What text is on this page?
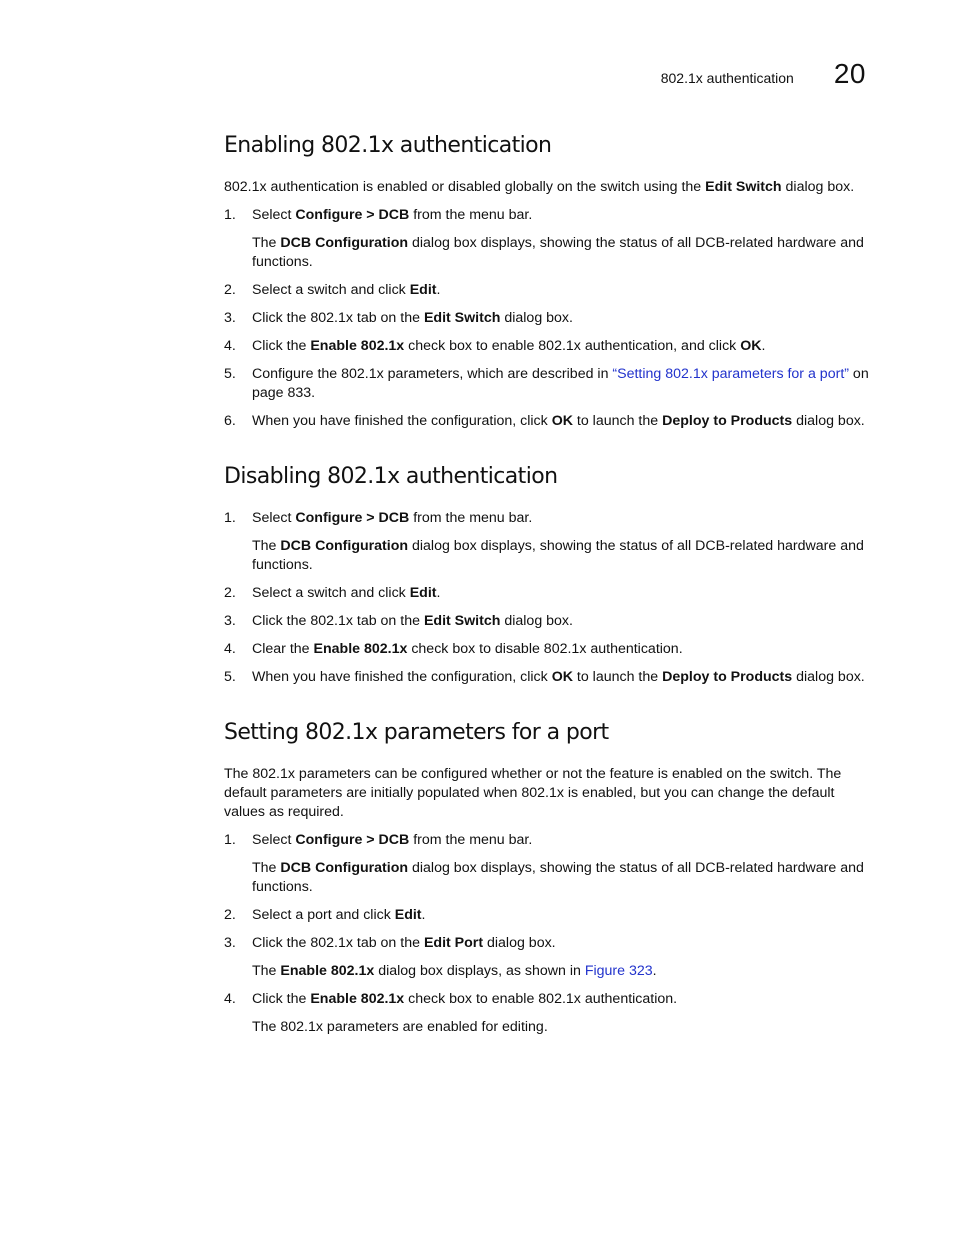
802.1x authentication 20
Enabling 802.1x authentication

802.1x authentication is enabled or disabled globally on the switch using the Edit Switch dialog box.

1. Select Configure > DCB from the menu bar.
The DCB Configuration dialog box displays, showing the status of all DCB-related hardware and functions.
2. Select a switch and click Edit.
3. Click the 802.1x tab on the Edit Switch dialog box.
4. Click the Enable 802.1x check box to enable 802.1x authentication, and click OK.
5. Configure the 802.1x parameters, which are described in “Setting 802.1x parameters for a port” on page 833.
6. When you have finished the configuration, click OK to launch the Deploy to Products dialog box.
Disabling 802.1x authentication
1. Select Configure > DCB from the menu bar.
The DCB Configuration dialog box displays, showing the status of all DCB-related hardware and functions.
2. Select a switch and click Edit.
3. Click the 802.1x tab on the Edit Switch dialog box.
4. Clear the Enable 802.1x check box to disable 802.1x authentication.
5. When you have finished the configuration, click OK to launch the Deploy to Products dialog box.
Setting 802.1x parameters for a port

The 802.1x parameters can be configured whether or not the feature is enabled on the switch. The default parameters are initially populated when 802.1x is enabled, but you can change the default values as required.

1. Select Configure > DCB from the menu bar.
The DCB Configuration dialog box displays, showing the status of all DCB-related hardware and functions.
2. Select a port and click Edit.
3. Click the 802.1x tab on the Edit Port dialog box.
The Enable 802.1x dialog box displays, as shown in Figure 323.
4. Click the Enable 802.1x check box to enable 802.1x authentication.
The 802.1x parameters are enabled for editing.
